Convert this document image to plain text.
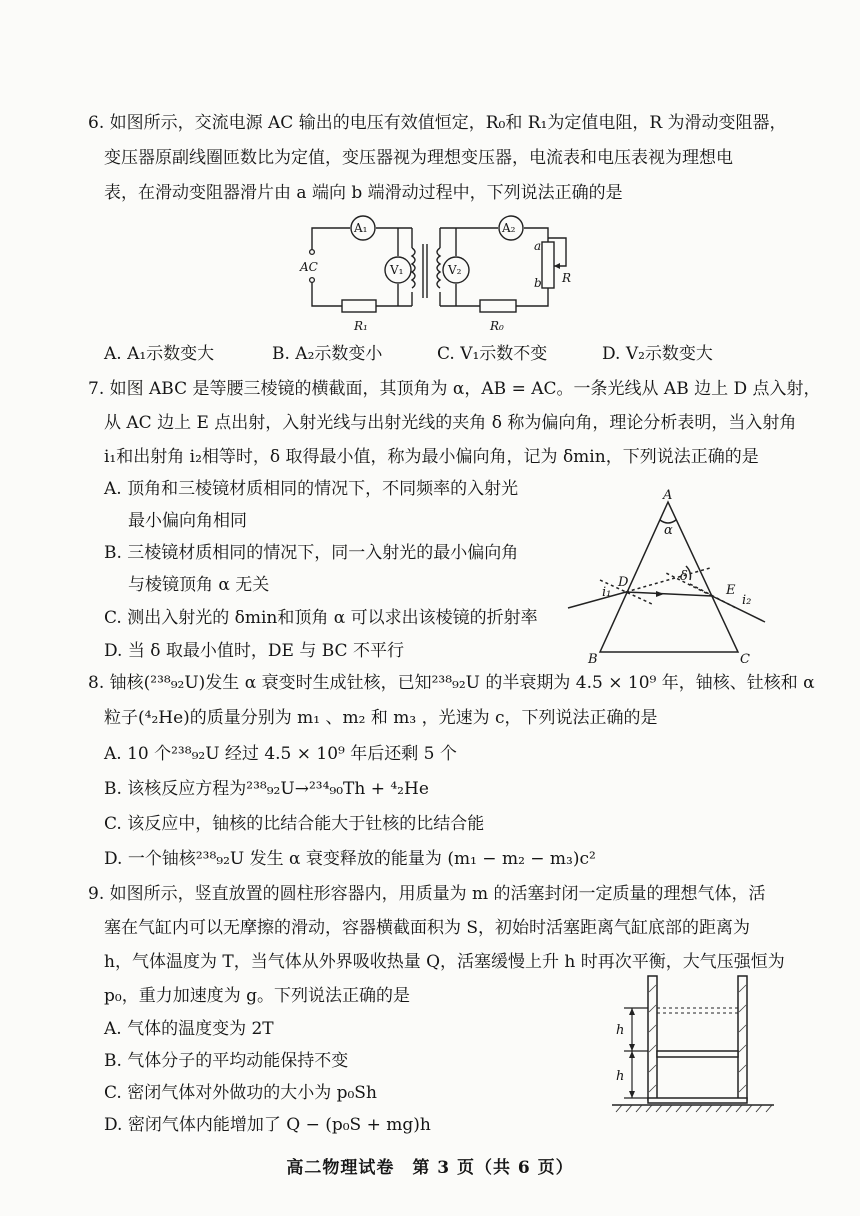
6. 如图所示，交流电源 AC 输出的电压有效值恒定，R₀和 R₁为定值电阻，R 为滑动变阻器，
变压器原副线圈匝数比为定值，变压器视为理想变压器，电流表和电压表视为理想电
表，在滑动变阻器滑片由 a 端向 b 端滑动过程中，下列说法正确的是
A₁
V₁	V₂
A₂
AC
R₁	R₀
R
a
b
A. A₁示数变大	B. A₂示数变小	C. V₁示数不变	D. V₂示数变大
7. 如图 ABC 是等腰三棱镜的横截面，其顶角为 α，AB = AC。一条光线从 AB 边上 D 点入射，
从 AC 边上 E 点出射，入射光线与出射光线的夹角 δ 称为偏向角，理论分析表明，当入射角
i₁和出射角 i₂相等时，δ 取得最小值，称为最小偏向角，记为 δmin，下列说法正确的是
A. 顶角和三棱镜材质相同的情况下，不同频率的入射光
最小偏向角相同
B. 三棱镜材质相同的情况下，同一入射光的最小偏向角
与棱镜顶角 α 无关
C. 测出入射光的 δmin和顶角 α 可以求出该棱镜的折射率
D. 当 δ 取最小值时，DE 与 BC 不平行
A
α
D
E
δ
i₁
i₂
B	C
8. 铀核(²³⁸₉₂U)发生 α 衰变时生成钍核，已知²³⁸₉₂U 的半衰期为 4.5 × 10⁹ 年，铀核、钍核和 α
粒子(⁴₂He)的质量分别为 m₁ 、m₂ 和 m₃ ，光速为 c，下列说法正确的是
A. 10 个²³⁸₉₂U 经过 4.5 × 10⁹ 年后还剩 5 个
B. 该核反应方程为²³⁸₉₂U→²³⁴₉₀Th + ⁴₂He
C. 该反应中，铀核的比结合能大于钍核的比结合能
D. 一个铀核²³⁸₉₂U 发生 α 衰变释放的能量为 (m₁ − m₂ − m₃)c²
9. 如图所示，竖直放置的圆柱形容器内，用质量为 m 的活塞封闭一定质量的理想气体，活
塞在气缸内可以无摩擦的滑动，容器横截面积为 S，初始时活塞距离气缸底部的距离为
h，气体温度为 T，当气体从外界吸收热量 Q，活塞缓慢上升 h 时再次平衡，大气压强恒为
p₀，重力加速度为 g。下列说法正确的是
A. 气体的温度变为 2T
B. 气体分子的平均动能保持不变
C. 密闭气体对外做功的大小为 p₀Sh
D. 密闭气体内能增加了 Q − (p₀S + mg)h
h
h
高二物理试卷　第 3 页（共 6 页）
